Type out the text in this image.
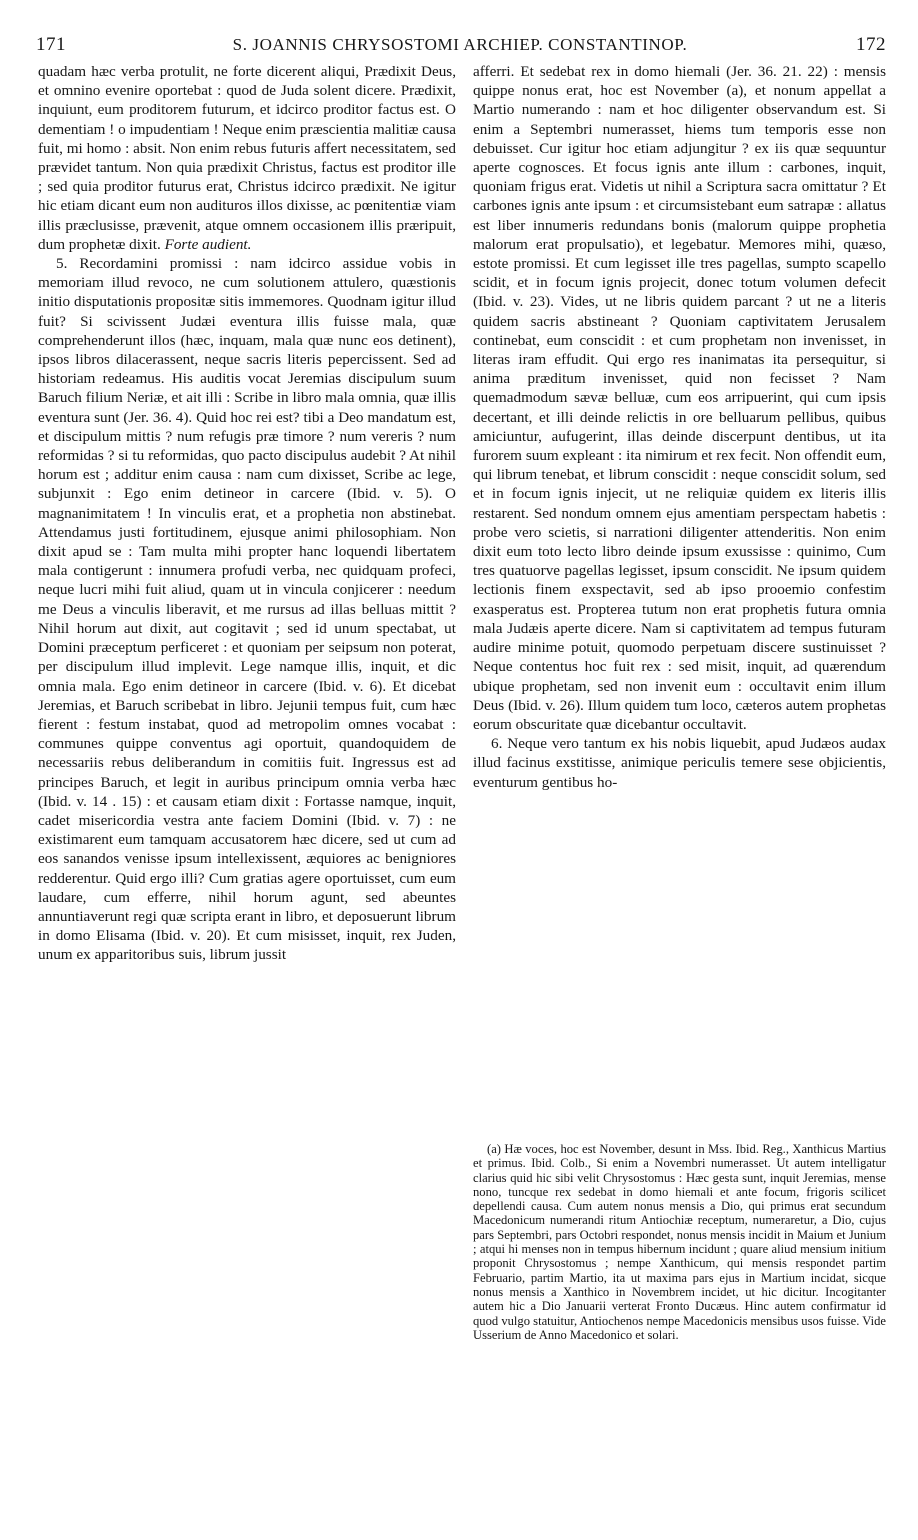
171	S. JOANNIS CHRYSOSTOMI ARCHIEP. CONSTANTINOP.	172

quadam hæc verba protulit, ne forte dicerent aliqui, Prædixit Deus, et omnino evenire oportebat : quod de Juda solent dicere. Prædixit, inquiunt, eum proditorem futurum, et idcirco proditor factus est. O dementiam ! o impudentiam ! Neque enim præscientia malitiæ causa fuit, mi homo : absit. Non enim rebus futuris affert necessitatem, sed prævidet tantum. Non quia prædixit Christus, factus est proditor ille ; sed quia proditor futurus erat, Christus idcirco prædixit. Ne igitur hic etiam dicant eum non audituros illos dixisse, ac pœnitentiæ viam illis præclusisse, prævenit, atque omnem occasionem illis præripuit, dum prophetæ dixit. Forte audient.

5. Recordamini promissi : nam idcirco assidue vobis in memoriam illud revoco, ne cum solutionem attulero, quæstionis initio disputationis propositæ sitis immemores. Quodnam igitur illud fuit? Si scivissent Judæi eventura illis fuisse mala, quæ comprehenderunt illos (hæc, inquam, mala quæ nunc eos detinent), ipsos libros dilacerassent, neque sacris literis pepercissent. Sed ad historiam redeamus. His auditis vocat Jeremias discipulum suum Baruch filium Neriæ, et ait illi : Scribe in libro mala omnia, quæ illis eventura sunt (Jer. 36. 4). Quid hoc rei est? tibi a Deo mandatum est, et discipulum mittis ? num refugis præ timore ? num vereris ? num reformidas ? si tu reformidas, quo pacto discipulus audebit ? At nihil horum est ; additur enim causa : nam cum dixisset, Scribe ac lege, subjunxit : Ego enim detineor in carcere (Ibid. v. 5). O magnanimitatem ! In vinculis erat, et a prophetia non abstinebat. Attendamus justi fortitudinem, ejusque animi philosophiam. Non dixit apud se : Tam multa mihi propter hanc loquendi libertatem mala contigerunt : innumera profudi verba, nec quidquam profeci, neque lucri mihi fuit aliud, quam ut in vincula conjicerer : needum me Deus a vinculis liberavit, et me rursus ad illas belluas mittit ? Nihil horum aut dixit, aut cogitavit ; sed id unum spectabat, ut Domini præceptum perficeret : et quoniam per seipsum non poterat, per discipulum illud implevit. Lege namque illis, inquit, et dic omnia mala. Ego enim detineor in carcere (Ibid. v. 6). Et dicebat Jeremias, et Baruch scribebat in libro. Jejunii tempus fuit, cum hæc fierent : festum instabat, quod ad metropolim omnes vocabat : communes quippe conventus agi oportuit, quandoquidem de necessariis rebus deliberandum in comitiis fuit. Ingressus est ad principes Baruch, et legit in auribus principum omnia verba hæc (Ibid. v. 14 . 15) : et causam etiam dixit : Fortasse namque, inquit, cadet misericordia vestra ante faciem Domini (Ibid. v. 7) : ne existimarent eum tamquam accusatorem hæc dicere, sed ut cum ad eos sanandos venisse ipsum intellexissent, æquiores ac benigniores redderentur. Quid ergo illi? Cum gratias agere oportuisset, cum eum laudare, cum efferre, nihil horum agunt, sed abeuntes annuntiaverunt regi quæ scripta erant in libro, et deposuerunt librum in domo Elisama (Ibid. v. 20). Et cum misisset, inquit, rex Juden, unum ex apparitoribus suis, librum jussit

afferri. Et sedebat rex in domo hiemali (Jer. 36. 21. 22) : mensis quippe nonus erat, hoc est November (a), et nonum appellat a Martio numerando : nam et hoc diligenter observandum est. Si enim a Septembri numerasset, hiems tum temporis esse non debuisset. Cur igitur hoc etiam adjungitur ? ex iis quæ sequuntur aperte cognosces. Et focus ignis ante illum : carbones, inquit, quoniam frigus erat. Videtis ut nihil a Scriptura sacra omittatur ? Et carbones ignis ante ipsum : et circumsistebant eum satrapæ : allatus est liber innumeris redundans bonis (malorum quippe prophetia malorum erat propulsatio), et legebatur. Memores mihi, quæso, estote promissi. Et cum legisset ille tres pagellas, sumpto scapello scidit, et in focum ignis projecit, donec totum volumen defecit (Ibid. v. 23). Vides, ut ne libris quidem parcant ? ut ne a literis quidem sacris abstineant ? Quoniam captivitatem Jerusalem continebat, eum conscidit : et cum prophetam non invenisset, in literas iram effudit. Qui ergo res inanimatas ita persequitur, si anima præditum invenisset, quid non fecisset ? Nam quemadmodum sævæ belluæ, cum eos arripuerint, qui cum ipsis decertant, et illi deinde relictis in ore belluarum pellibus, quibus amiciuntur, aufugerint, illas deinde discerpunt dentibus, ut ita furorem suum expleant : ita nimirum et rex fecit. Non offendit eum, qui librum tenebat, et librum conscidit : neque conscidit solum, sed et in focum ignis injecit, ut ne reliquiæ quidem ex literis illis restarent. Sed nondum omnem ejus amentiam perspectam habetis : probe vero scietis, si narrationi diligenter attenderitis. Non enim dixit eum toto lecto libro deinde ipsum exussisse : quinimo, Cum tres quatuorve pagellas legisset, ipsum conscidit. Ne ipsum quidem lectionis finem exspectavit, sed ab ipso prooemio confestim exasperatus est. Propterea tutum non erat prophetis futura omnia mala Judæis aperte dicere. Nam si captivitatem ad tempus futuram audire minime potuit, quomodo perpetuam discere sustinuisset ? Neque contentus hoc fuit rex : sed misit, inquit, ad quærendum ubique prophetam, sed non invenit eum : occultavit enim illum Deus (Ibid. v. 26). Illum quidem tum loco, cæteros autem prophetas eorum obscuritate quæ dicebantur occultavit.

6. Neque vero tantum ex his nobis liquebit, apud Judæos audax illud facinus exstitisse, animique periculis temere sese objicientis, eventurum gentibus ho-

(a) Hæ voces, hoc est November, desunt in Mss. Ibid. Reg., Xanthicus Martius et primus. Ibid. Colb., Si enim a Novembri numerasset. Ut autem intelligatur clarius quid hic sibi velit Chrysostomus : Hæc gesta sunt, inquit Jeremias, mense nono, tuncque rex sedebat in domo hiemali et ante focum, frigoris scilicet depellendi causa. Cum autem nonus mensis a Dio, qui primus erat secundum Macedonicum numerandi ritum Antiochiæ receptum, numeraretur, a Dio, cujus pars Septembri, pars Octobri respondet, nonus mensis incidit in Maium et Junium ; atqui hi menses non in tempus hibernum incidunt ; quare aliud mensium initium proponit Chrysostomus ; nempe Xanthicum, qui mensis respondet partim Februario, partim Martio, ita ut maxima pars ejus in Martium incidat, sicque nonus mensis a Xanthico in Novembrem incidet, ut hic dicitur. Incogitanter autem hic a Dio Januarii verterat Fronto Ducæus. Hinc autem confirmatur id quod vulgo statuitur, Antiochenos nempe Macedonicis mensibus usos fuisse. Vide Usserium de Anno Macedonico et solari.
